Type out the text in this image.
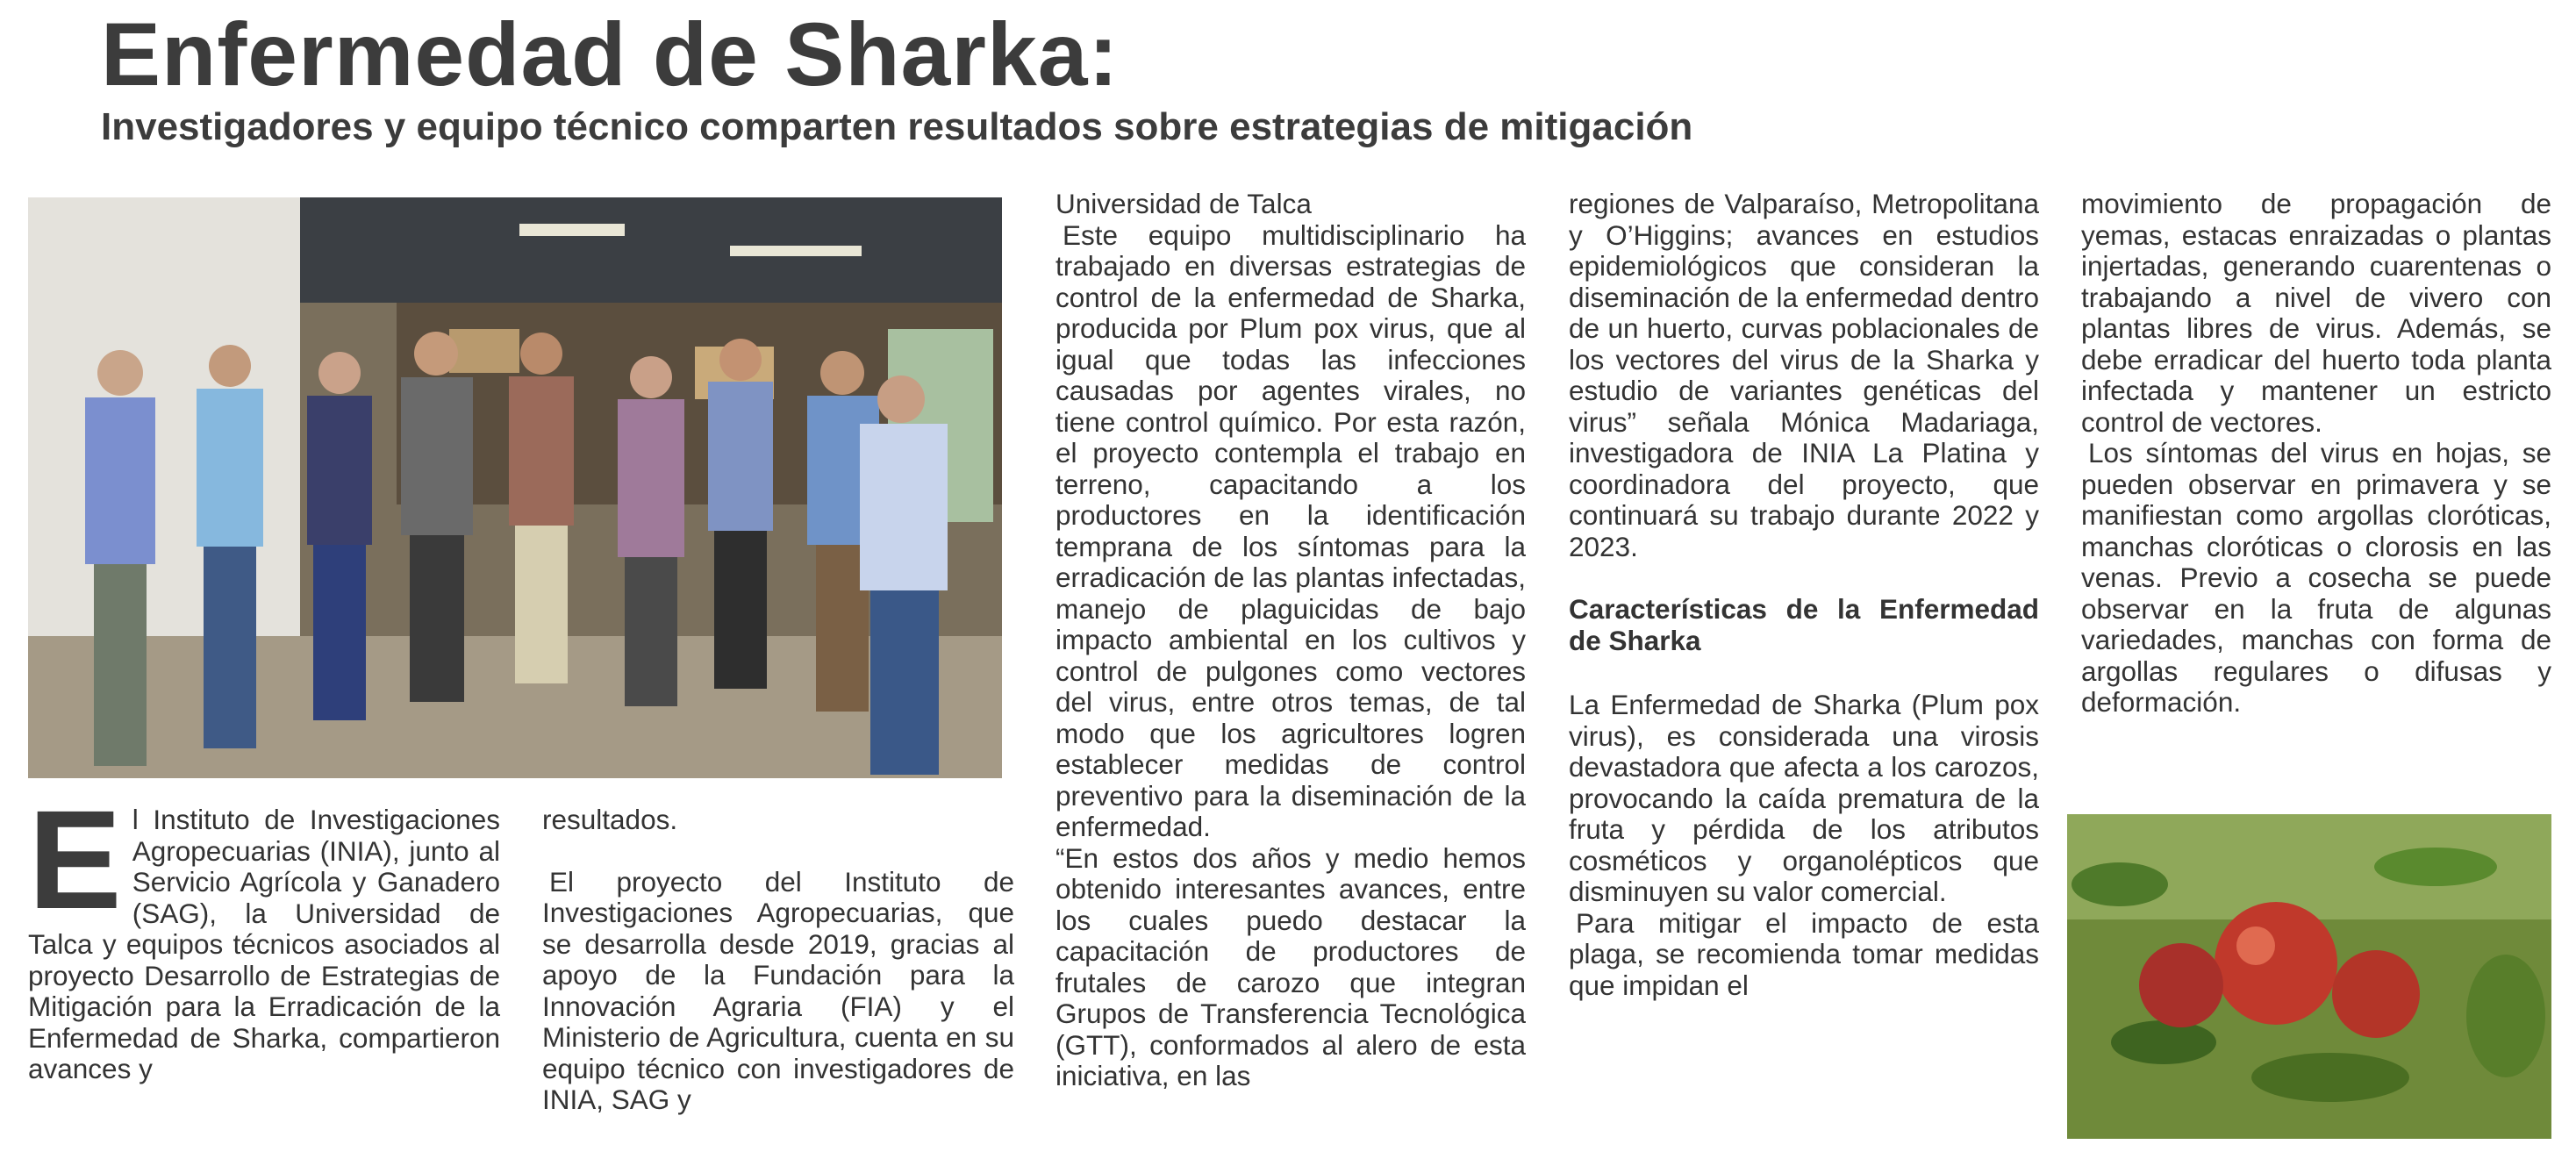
Enfermedad de Sharka:
Investigadores y equipo técnico comparten resultados sobre estrategias de mitigación
E l Instituto de Investigaciones Agropecuarias (INIA), junto al Servicio Agrícola y Ganadero (SAG), la Universidad de Talca y equipos técnicos asociados al proyecto Desarrollo de Estrategias de Mitigación para la Erradicación de la Enfermedad de Sharka, compartieron avances y

resultados.

El proyecto del Instituto de Investigaciones Agropecuarias, que se desarrolla desde 2019, gracias al apoyo de la Fundación para la Innovación Agraria (FIA) y el Ministerio de Agricultura, cuenta en su equipo técnico con investigadores de INIA, SAG y

Universidad de Talca

Este equipo multidisciplinario ha trabajado en diversas estrategias de control de la enfermedad de Sharka, producida por Plum pox virus, que al igual que todas las infecciones causadas por agentes virales, no tiene control químico. Por esta razón, el proyecto contempla el trabajo en terreno, capacitando a los productores en la identificación temprana de los síntomas para la erradicación de las plantas infectadas, manejo de plaguicidas de bajo impacto ambiental en los cultivos y control de pulgones como vectores del virus, entre otros temas, de tal modo que los agricultores logren establecer medidas de control preventivo para la diseminación de la enfermedad.

“En estos dos años y medio hemos obtenido interesantes avances, entre los cuales puedo destacar la capacitación de productores de frutales de carozo que integran Grupos de Transferencia Tecnológica (GTT), conformados al alero de esta iniciativa, en las

regiones de Valparaíso, Metropolitana y O’Higgins; avances en estudios epidemiológicos que consideran la diseminación de la enfermedad dentro de un huerto, curvas poblacionales de los vectores del virus de la Sharka y estudio de variantes genéticas del virus” señala Mónica Madariaga, investigadora de INIA La Platina y coordinadora del proyecto, que continuará su trabajo durante 2022 y 2023.

Características de la Enfermedad de Sharka

La Enfermedad de Sharka (Plum pox virus), es considerada una virosis devastadora que afecta a los carozos, provocando la caída prematura de la fruta y pérdida de los atributos cosméticos y organolépticos que disminuyen su valor comercial.

Para mitigar el impacto de esta plaga, se recomienda tomar medidas que impidan el

movimiento de propagación de yemas, estacas enraizadas o plantas injertadas, generando cuarentenas o trabajando a nivel de vivero con plantas libres de virus. Además, se debe erradicar del huerto toda planta infectada y mantener un estricto control de vectores.

Los síntomas del virus en hojas, se pueden observar en primavera y se manifiestan como argollas cloróticas, manchas cloróticas o clorosis en las venas. Previo a cosecha se puede observar en la fruta de algunas variedades, manchas con forma de argollas regulares o difusas y deformación.
